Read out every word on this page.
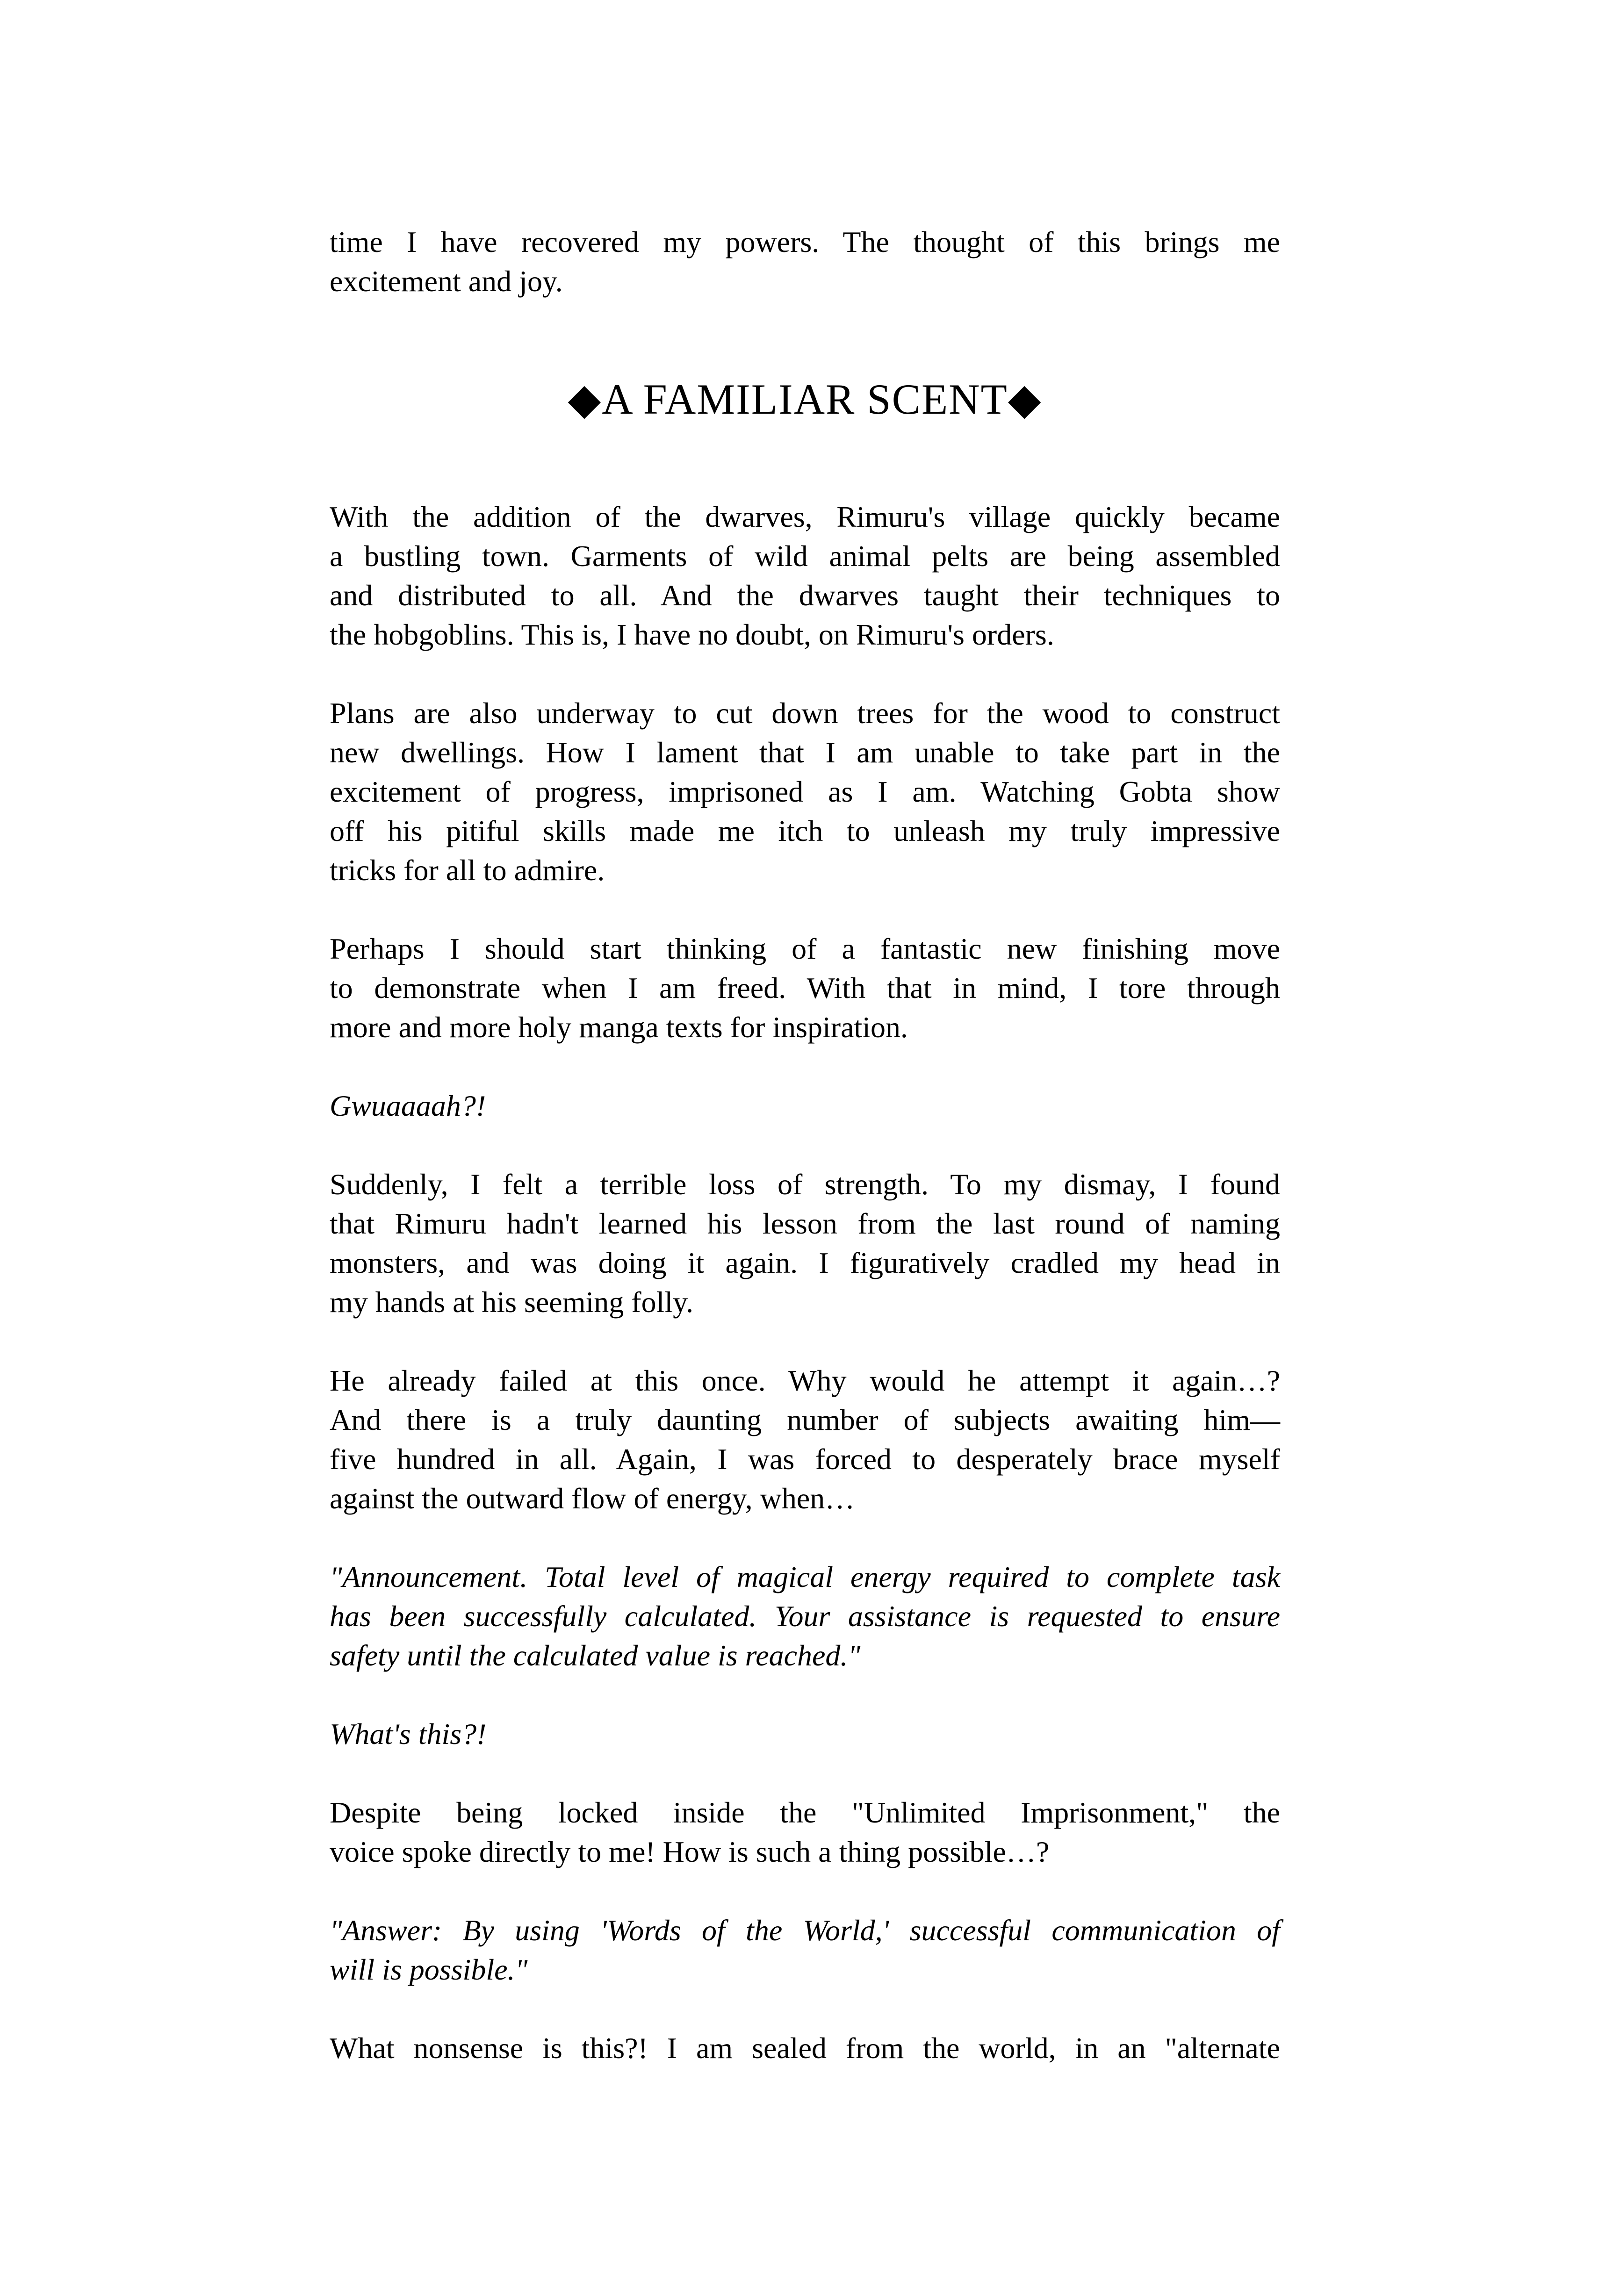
time I have recovered my powers. The thought of this brings me
excitement and joy.
◆A FAMILIAR SCENT◆
With the addition of the dwarves, Rimuru's village quickly became
a bustling town. Garments of wild animal pelts are being assembled
and distributed to all. And the dwarves taught their techniques to
the hobgoblins. This is, I have no doubt, on Rimuru's orders.
Plans are also underway to cut down trees for the wood to construct
new dwellings. How I lament that I am unable to take part in the
excitement of progress, imprisoned as I am. Watching Gobta show
off his pitiful skills made me itch to unleash my truly impressive
tricks for all to admire.
Perhaps I should start thinking of a fantastic new finishing move
to demonstrate when I am freed. With that in mind, I tore through
more and more holy manga texts for inspiration.
Gwuaaaah?!
Suddenly, I felt a terrible loss of strength. To my dismay, I found
that Rimuru hadn't learned his lesson from the last round of naming
monsters, and was doing it again. I figuratively cradled my head in
my hands at his seeming folly.
He already failed at this once. Why would he attempt it again…?
And there is a truly daunting number of subjects awaiting him—
five hundred in all. Again, I was forced to desperately brace myself
against the outward flow of energy, when…
"Announcement. Total level of magical energy required to complete task
has been successfully calculated. Your assistance is requested to ensure
safety until the calculated value is reached."
What's this?!
Despite being locked inside the "Unlimited Imprisonment," the
voice spoke directly to me! How is such a thing possible…?
"Answer: By using 'Words of the World,' successful communication of
will is possible."
What nonsense is this?! I am sealed from the world, in an "alternate
